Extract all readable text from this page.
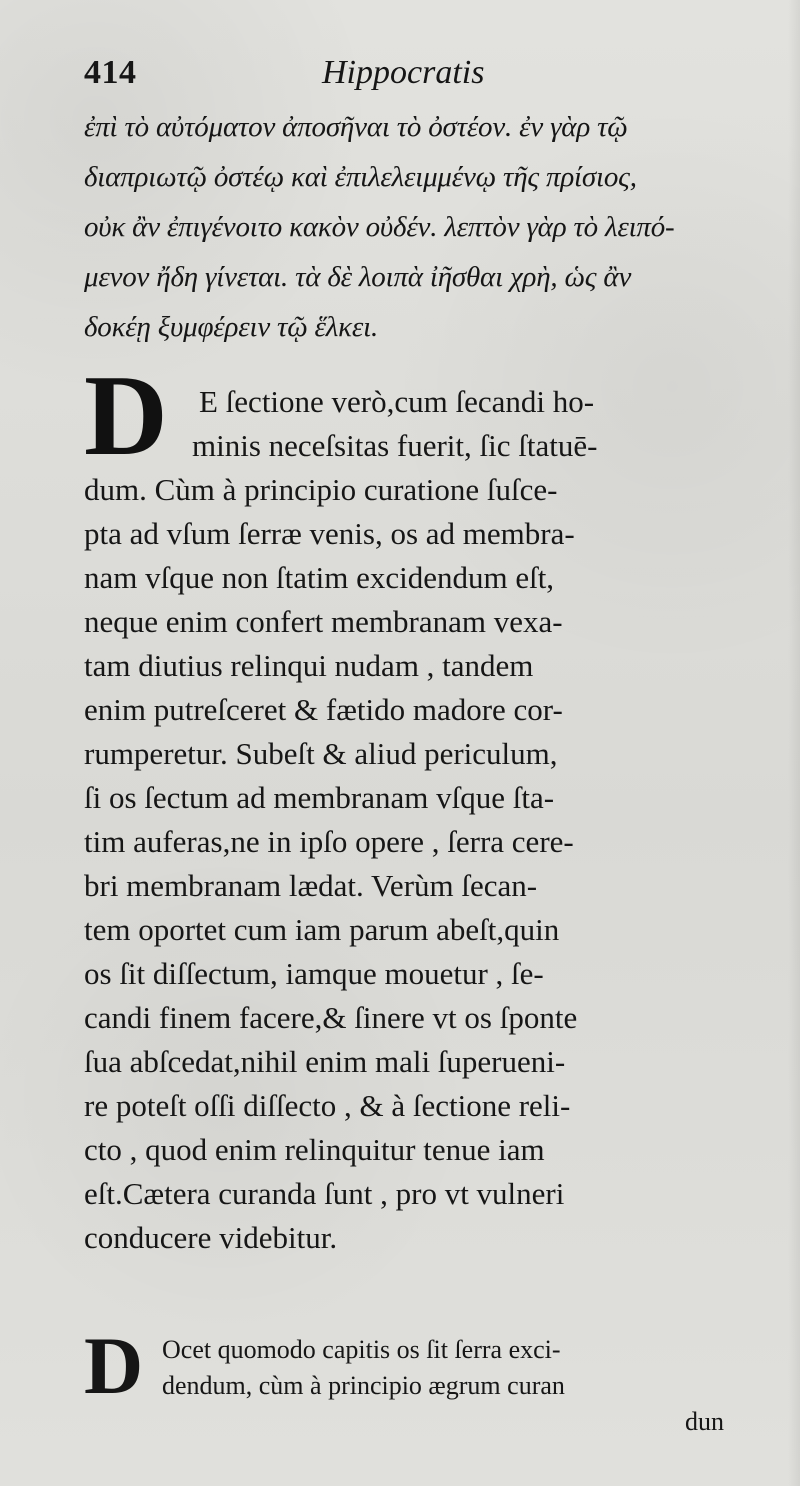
414	Hippocratis
ἐπὶ τὸ αὐτόματον ἀποσῆναι τὸ ὀστέον. ἐν γὰρ τῷ
διαπριωτῷ ὀστέῳ καὶ ἐπιλελειμμένῳ τῆς πρίσιος,
οὐκ ἂν ἐπιγένοιτο κακὸν οὐδέν. λεπτὸν γὰρ τὸ λειπό-
μενον ἤδη γίνεται. τὰ δὲ λοιπὰ ἰῆσθαι χρὴ, ὡς ἂν
δοκέῃ ξυμφέρειν τῷ ἕλκει.
D	E ſectione verò,cum ſecandi ho-
minis neceſsitas fuerit, ſic ſtatuē-
dum. Cùm à principio curatione ſuſce-
pta ad vſum ſerræ venis, os ad membra-
nam vſque non ſtatim excidendum eſt,
neque enim confert membranam vexa-
tam diutius relinqui nudam , tandem
enim putreſceret & fætido madore cor-
rumperetur. Subeſt & aliud periculum,
ſi os ſectum ad membranam vſque ſta-
tim auferas,ne in ipſo opere , ſerra cere-
bri membranam lædat. Verùm ſecan-
tem oportet cum iam parum abeſt,quin
os ſit diſſectum, iamque mouetur , ſe-
candi finem facere,& ſinere vt os ſponte
ſua abſcedat,nihil enim mali ſuperueni-
re poteſt oſſi diſſecto , & à ſectione reli-
cto , quod enim relinquitur tenue iam
eſt.Cætera curanda ſunt , pro vt vulneri
conducere videbitur.
D Ocet quomodo capitis os ſit ſerra exci-
dendum, cùm à principio ægrum curan
dun
